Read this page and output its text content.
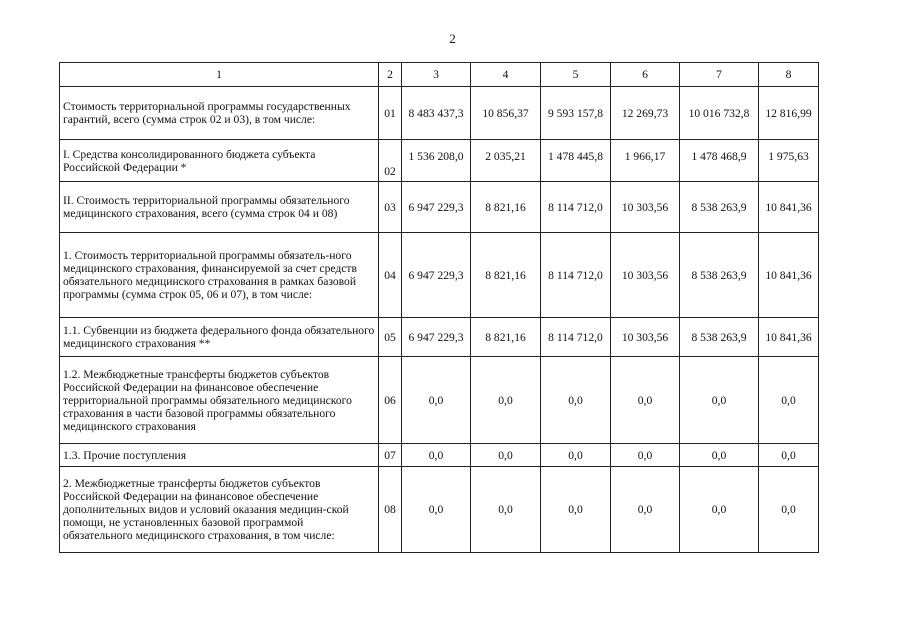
2
1	2	3	4	5	6	7	8
Стоимость территориальной программы государственных гарантий, всего (сумма строк 02 и 03), в том числе:	01	8 483 437,3	10 856,37	9 593 157,8	12 269,73	10 016 732,8	12 816,99
I. Средства консолидированного бюджета субъекта Российской Федерации *	02	1 536 208,0	2 035,21	1 478 445,8	1 966,17	1 478 468,9	1 975,63
II. Стоимость территориальной программы обязательного медицинского страхования, всего (сумма строк 04 и 08)	03	6 947 229,3	8 821,16	8 114 712,0	10 303,56	8 538 263,9	10 841,36
1. Стоимость территориальной программы обязатель-ного медицинского страхования, финансируемой за счет средств обязательного медицинского страхования в рамках базовой программы (сумма строк 05, 06 и 07), в том числе:	04	6 947 229,3	8 821,16	8 114 712,0	10 303,56	8 538 263,9	10 841,36
1.1. Субвенции из бюджета федерального фонда обязательного медицинского страхования **	05	6 947 229,3	8 821,16	8 114 712,0	10 303,56	8 538 263,9	10 841,36
1.2. Межбюджетные трансферты бюджетов субъектов Российской Федерации на финансовое обеспечение территориальной программы обязательного медицинского страхования в части базовой программы обязательного медицинского страхования	06	0,0	0,0	0,0	0,0	0,0	0,0
1.3. Прочие поступления	07	0,0	0,0	0,0	0,0	0,0	0,0
2. Межбюджетные трансферты бюджетов субъектов Российской Федерации на финансовое обеспечение дополнительных видов и условий оказания медицин-ской помощи, не установленных базовой программой обязательного медицинского страхования, в том числе:	08	0,0	0,0	0,0	0,0	0,0	0,0
